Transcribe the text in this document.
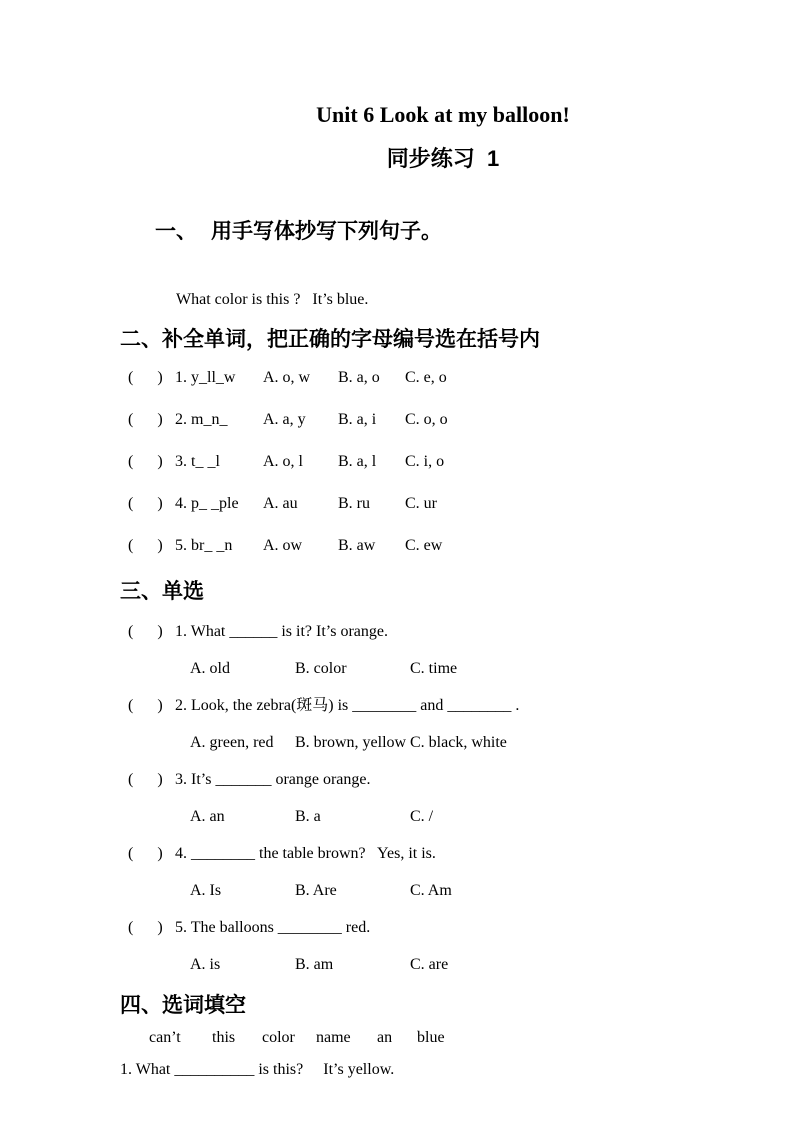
Unit 6 Look at my balloon!
同步练习  1

一、 用手写体抄写下列句子。

What color is this ?   It’s blue.
二、补全单词，把正确的字母编号选在括号内
(      ) 1. y_ll_w	A. o, w	B. a, o	C. e, o
(      ) 2. m_n_	A. a, y	B. a, i	C. o, o
(      ) 3. t_ _l	A. o, l	B. a, l	C. i, o
(      ) 4. p_ _ple	A. au	B. ru	C. ur
(      ) 5. br_ _n	A. ow	B. aw	C. ew
三、单选
(      ) 1. What ______ is it? It’s orange.
A. old	B. color	C. time
(      ) 2. Look, the zebra(斑马) is ________ and ________ .
A. green, red	B. brown, yellow C. black, white
(      ) 3. It’s _______ orange orange.
A. an	B. a	C. /
(      ) 4. ________ the table brown?   Yes, it is.
A. Is	B. Are	C. Am
(      ) 5. The balloons ________ red.
A. is	B. am	C. are
四、选词填空
can’t	this	color	name	an	blue
1. What __________ is this?     It’s yellow.
